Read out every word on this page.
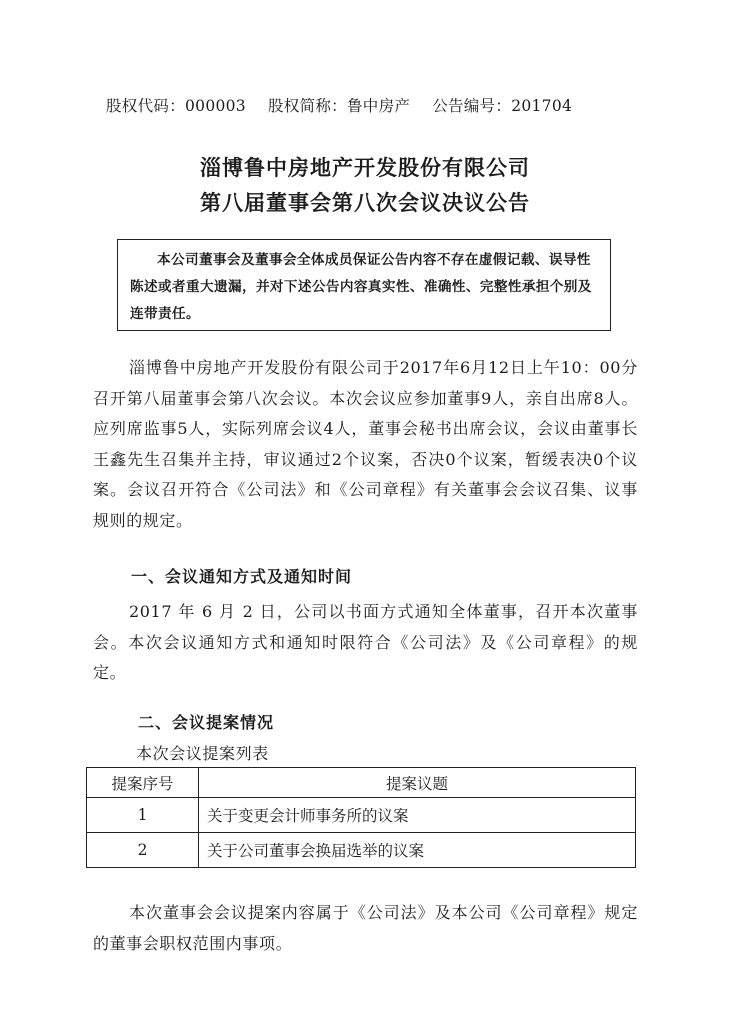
股权代码：000003 股权简称：鲁中房产 公告编号：201704
淄博鲁中房地产开发股份有限公司
第八届董事会第八次会议决议公告
本公司董事会及董事会全体成员保证公告内容不存在虚假记载、误导性陈述或者重大遗漏，并对下述公告内容真实性、准确性、完整性承担个别及连带责任。
淄博鲁中房地产开发股份有限公司于2017年6月12日上午10：00分召开第八届董事会第八次会议。本次会议应参加董事9人，亲自出席8人。应列席监事5人，实际列席会议4人，董事会秘书出席会议，会议由董事长王鑫先生召集并主持，审议通过2个议案，否决0个议案，暂缓表决0个议案。会议召开符合《公司法》和《公司章程》有关董事会会议召集、议事规则的规定。
一、会议通知方式及通知时间
2017 年 6 月 2 日，公司以书面方式通知全体董事，召开本次董事会。本次会议通知方式和通知时限符合《公司法》及《公司章程》的规定。
二、会议提案情况
本次会议提案列表
提案序号	提案议题
1	关于变更会计师事务所的议案
2	关于公司董事会换届选举的议案
本次董事会会议提案内容属于《公司法》及本公司《公司章程》规定的董事会职权范围内事项。
